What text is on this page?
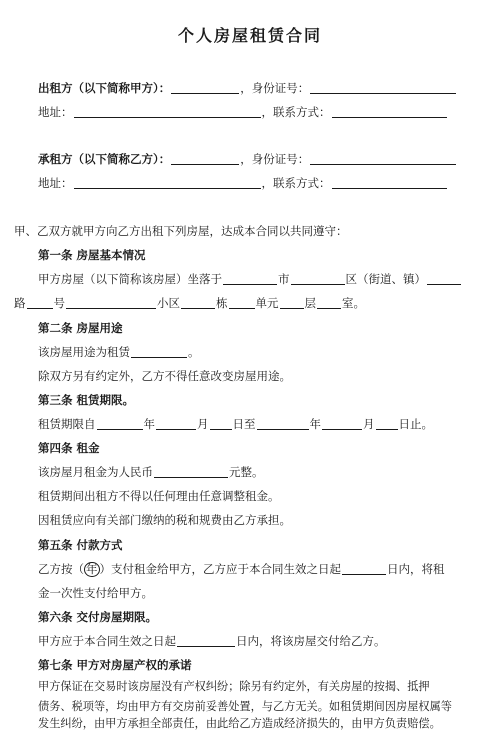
个人房屋租赁合同
出租方（以下简称甲方）：	，身份证号：
地址：	，联系方式：
承租方（以下简称乙方）：	，身份证号：
地址：	，联系方式：
甲、乙双方就甲方向乙方出租下列房屋，达成本合同以共同遵守：
第一条 房屋基本情况
甲方房屋（以下简称该房屋）坐落于	市	区（街道、镇）
路 号	小区	栋 单元 层 室。
第二条 房屋用途
该房屋用途为租赁	。
除双方另有约定外，乙方不得任意改变房屋用途。
第三条 租赁期限。
租赁期限自	年	月 日至	年	月 日止。
第四条 租金
该房屋月租金为人民币	元整。
租赁期间出租方不得以任何理由任意调整租金。
因租赁应向有关部门缴纳的税和规费由乙方承担。
第五条 付款方式
乙方按（ 年 ）支付租金给甲方，乙方应于本合同生效之日起	日内，将租
金一次性支付给甲方。
第六条 交付房屋期限。
甲方应于本合同生效之日起	日内，将该房屋交付给乙方。
第七条 甲方对房屋产权的承诺
甲方保证在交易时该房屋没有产权纠纷；除另有约定外，有关房屋的按揭、抵押
债务、税项等，均由甲方有交房前妥善处置，与乙方无关。如租赁期间因房屋权属等
发生纠纷，由甲方承担全部责任，由此给乙方造成经济损失的，由甲方负责赔偿。
